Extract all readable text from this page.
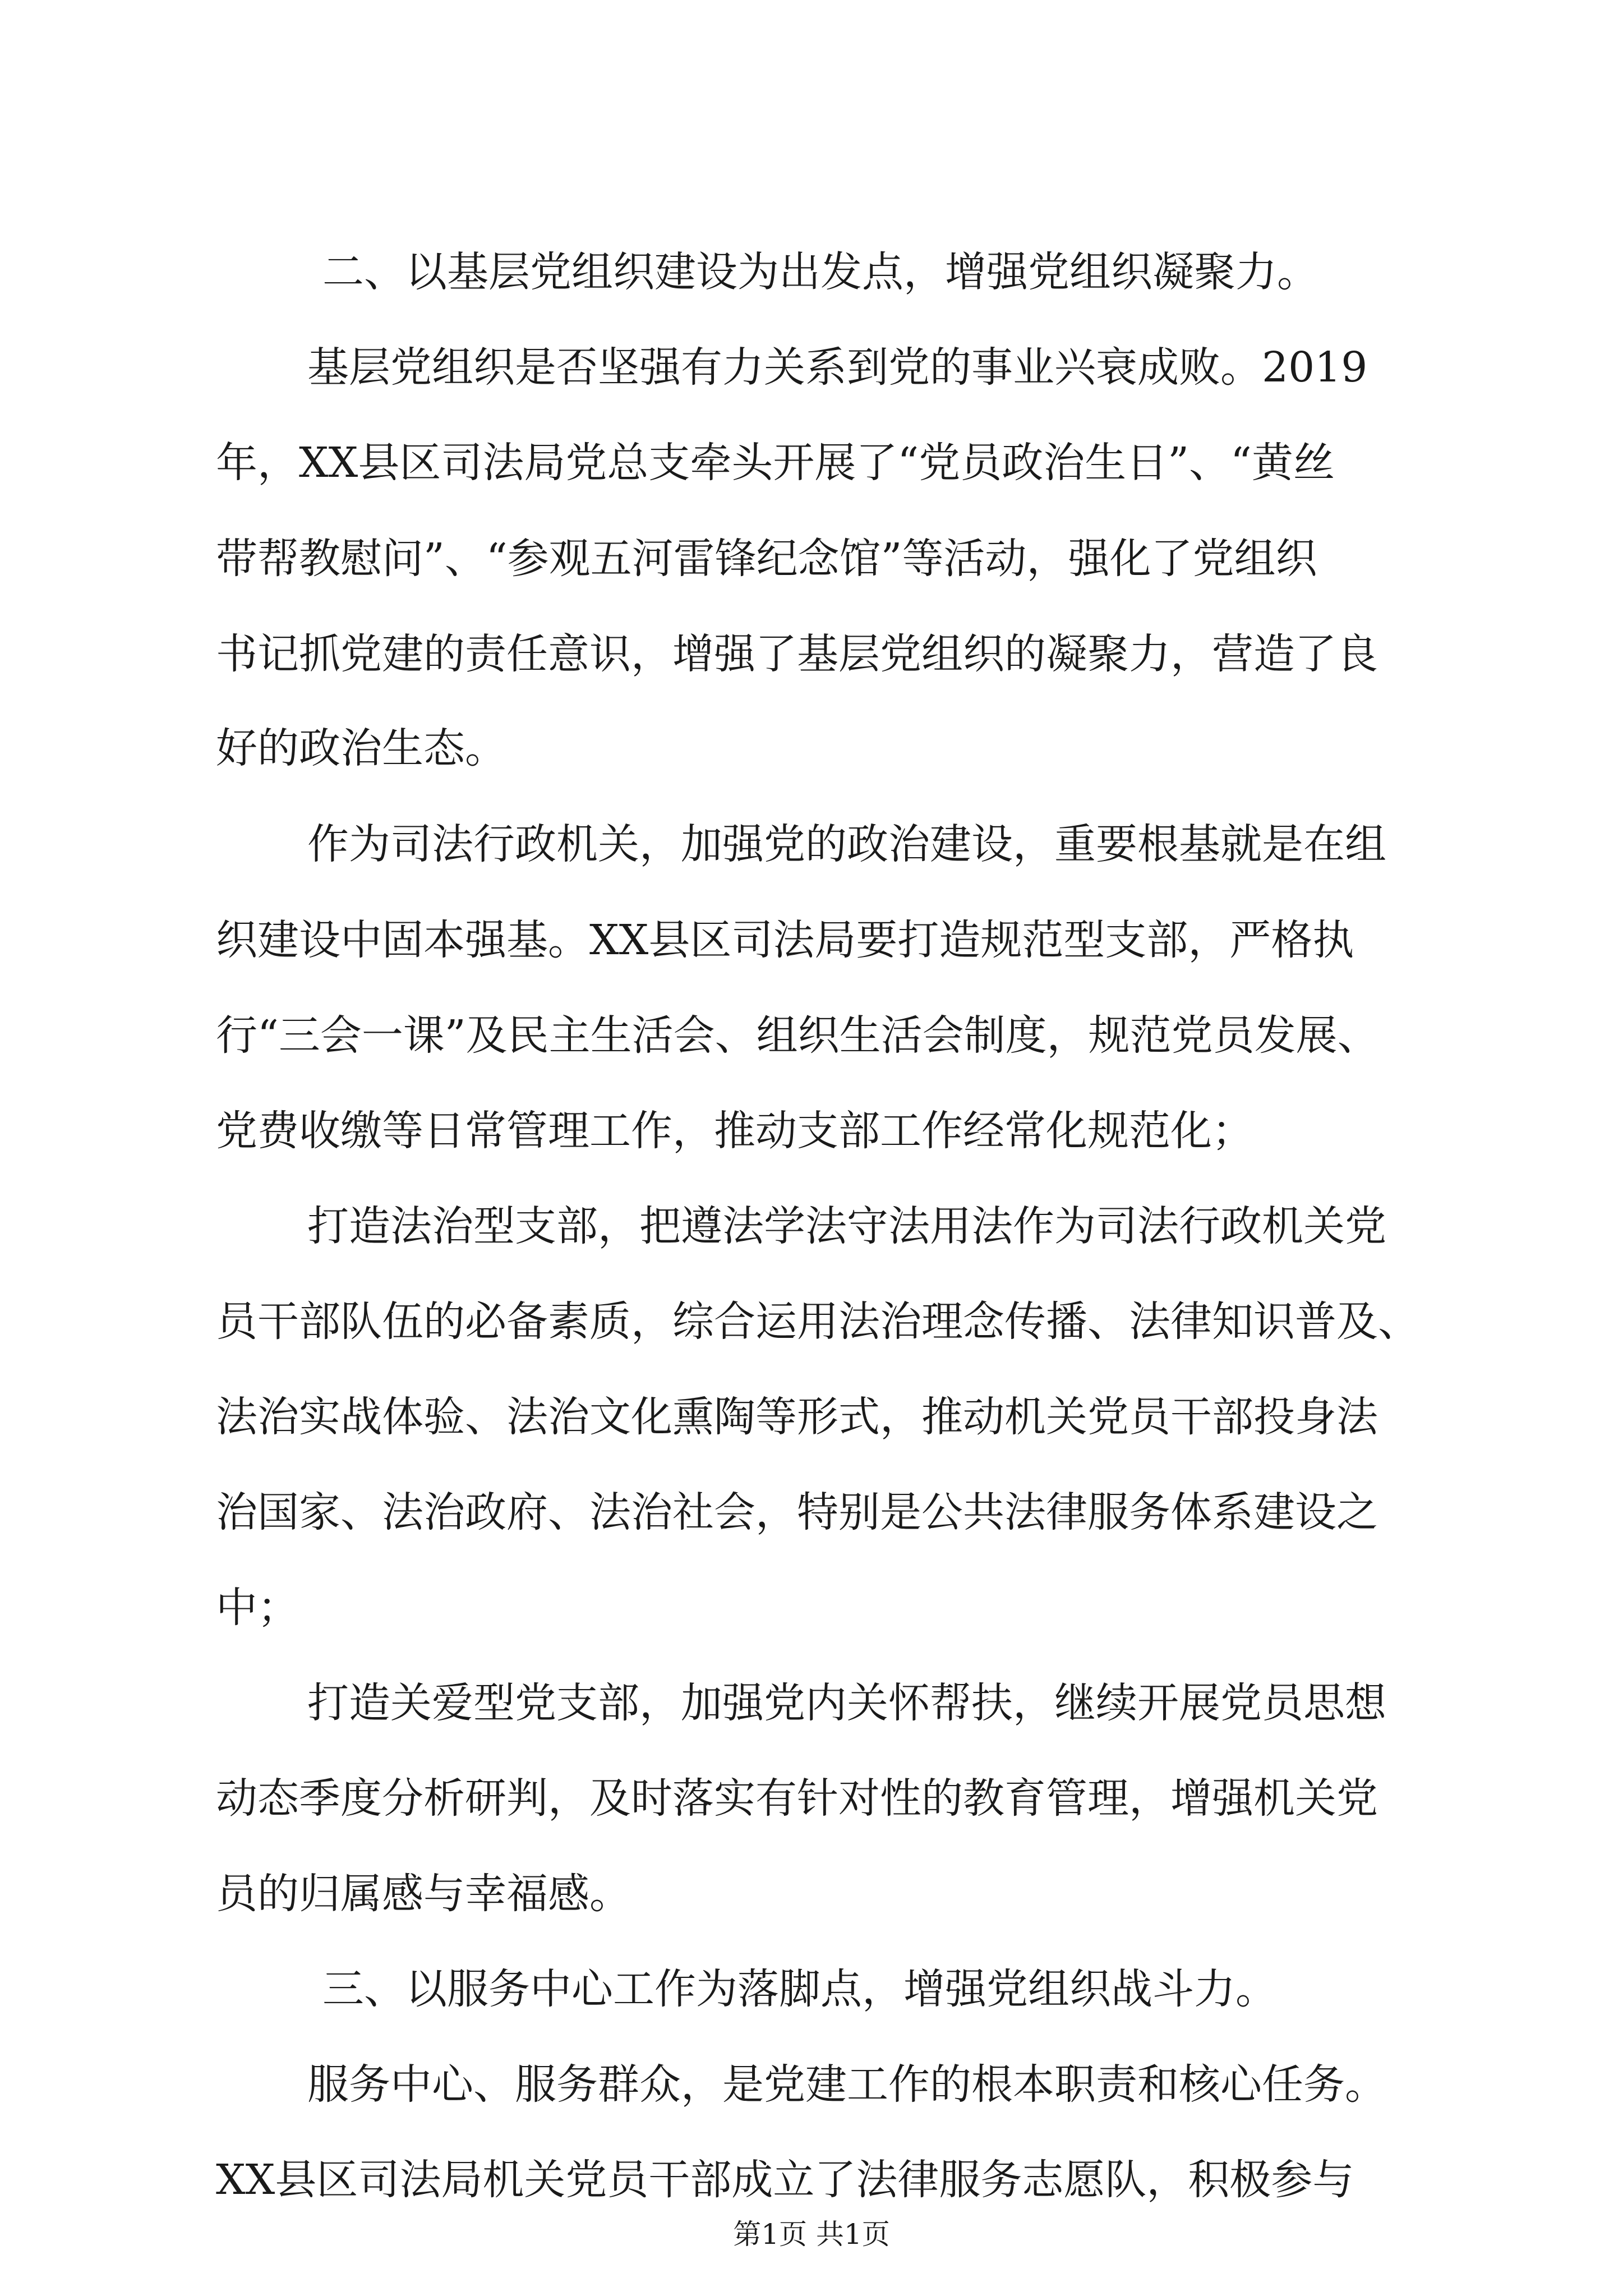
二、以基层党组织建设为出发点，增强党组织凝聚力。
基层党组织是否坚强有力关系到党的事业兴衰成败。2019
年，XX县区司法局党总支牵头开展了“党员政治生日”、“黄丝
带帮教慰问”、“参观五河雷锋纪念馆”等活动，强化了党组织
书记抓党建的责任意识，增强了基层党组织的凝聚力，营造了良
好的政治生态。
作为司法行政机关，加强党的政治建设，重要根基就是在组
织建设中固本强基。XX县区司法局要打造规范型支部，严格执
行“三会一课”及民主生活会、组织生活会制度，规范党员发展、
党费收缴等日常管理工作，推动支部工作经常化规范化；
打造法治型支部，把遵法学法守法用法作为司法行政机关党
员干部队伍的必备素质，综合运用法治理念传播、法律知识普及、
法治实战体验、法治文化熏陶等形式，推动机关党员干部投身法
治国家、法治政府、法治社会，特别是公共法律服务体系建设之
中；
打造关爱型党支部，加强党内关怀帮扶，继续开展党员思想
动态季度分析研判，及时落实有针对性的教育管理，增强机关党
员的归属感与幸福感。
三、以服务中心工作为落脚点，增强党组织战斗力。
服务中心、服务群众，是党建工作的根本职责和核心任务。
XX县区司法局机关党员干部成立了法律服务志愿队，积极参与
第1页 共1页
